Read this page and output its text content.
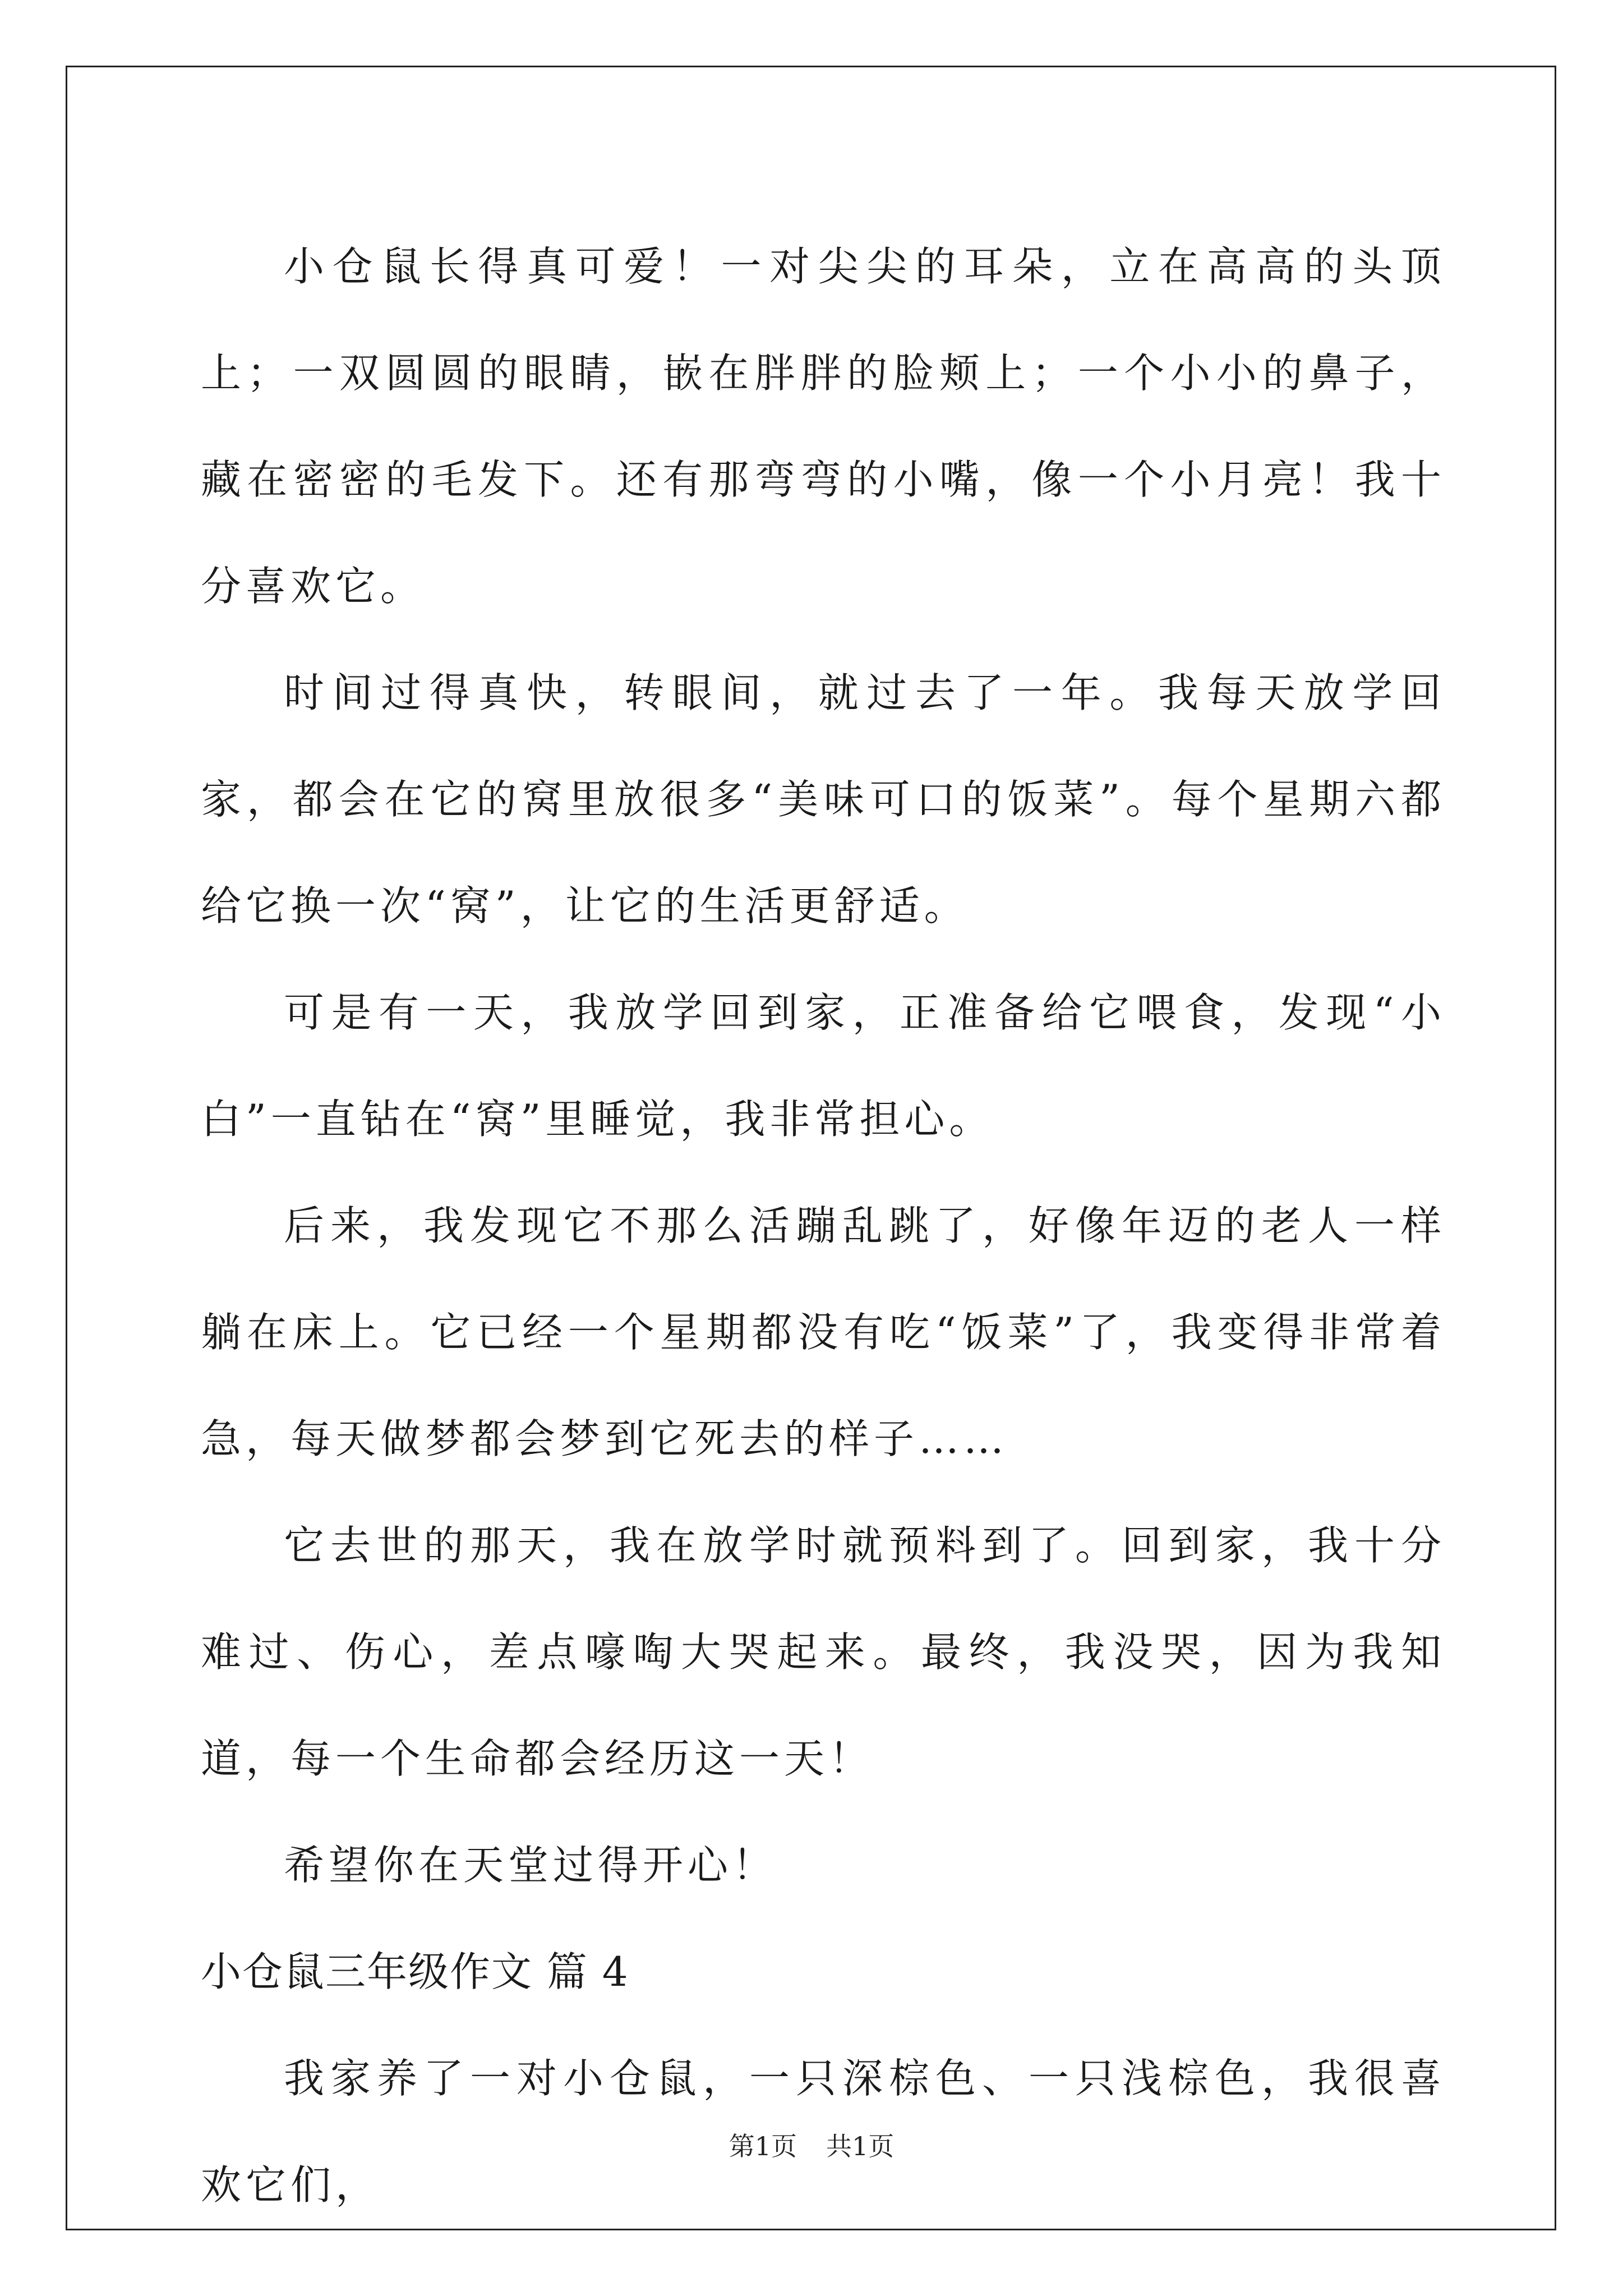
小仓鼠长得真可爱！一对尖尖的耳朵，立在高高的头顶上；一双圆圆的眼睛，嵌在胖胖的脸颊上；一个小小的鼻子，藏在密密的毛发下。还有那弯弯的小嘴，像一个小月亮！我十分喜欢它。

时间过得真快，转眼间，就过去了一年。我每天放学回家，都会在它的窝里放很多“美味可口的饭菜”。每个星期六都给它换一次“窝”，让它的生活更舒适。

可是有一天，我放学回到家，正准备给它喂食，发现“小白”一直钻在“窝”里睡觉，我非常担心。

后来，我发现它不那么活蹦乱跳了，好像年迈的老人一样躺在床上。它已经一个星期都没有吃“饭菜”了，我变得非常着急，每天做梦都会梦到它死去的样子……

它去世的那天，我在放学时就预料到了。回到家，我十分难过、伤心，差点嚎啕大哭起来。最终，我没哭，因为我知道，每一个生命都会经历这一天！

希望你在天堂过得开心！

小仓鼠三年级作文 篇 4

我家养了一对小仓鼠，一只深棕色、一只浅棕色，我很喜欢它们，

第1页 共1页
